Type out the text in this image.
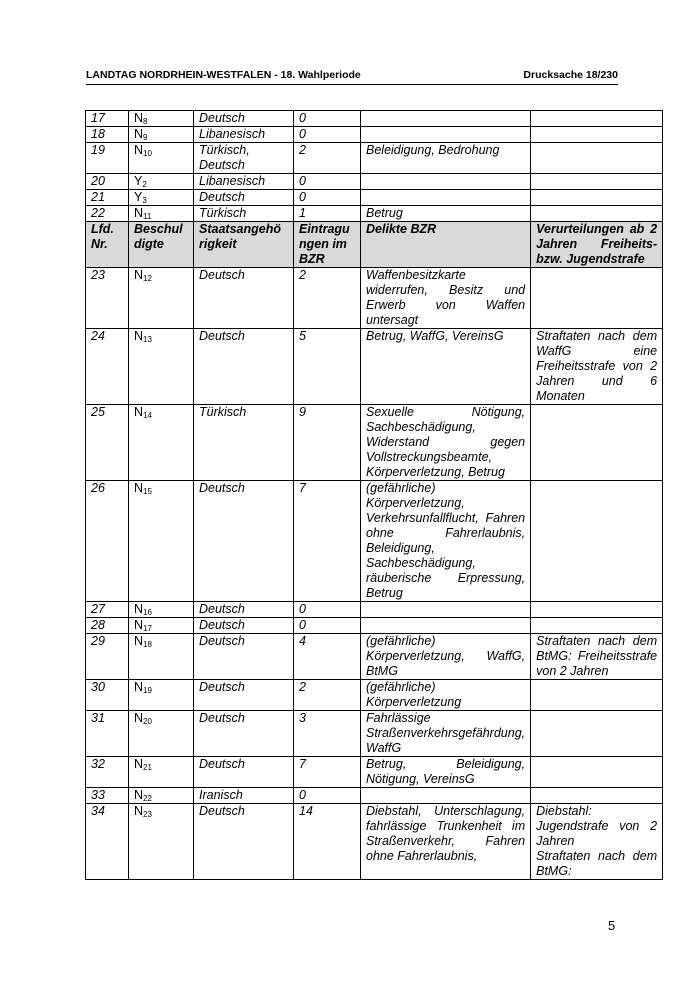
LANDTAG NORDRHEIN-WESTFALEN - 18. Wahlperiode	Drucksache 18/230
17	$N_8$	Deutsch	0		
18	$N_9$	Libanesisch	0		
19	$N_{10}$	Türkisch, Deutsch	2	Beleidigung, Bedrohung	
20	$Y_2$	Libanesisch	0		
21	$Y_3$	Deutsch	0		
22	$N_{11}$	Türkisch	1	Betrug	
Lfd. Nr.	Beschul digte	Staatsangehö rigkeit	Eintragu ngen im BZR	Delikte BZR	Verurteilungen ab 2 Jahren Freiheits- bzw. Jugendstrafe
23	$N_{12}$	Deutsch	2	Waffenbesitzkarte widerrufen, Besitz und Erwerb von Waffen untersagt	
24	$N_{13}$	Deutsch	5	Betrug, WaffG, VereinsG	Straftaten nach dem WaffG eine Freiheitsstrafe von 2 Jahren und 6 Monaten
25	$N_{14}$	Türkisch	9	Sexuelle Nötigung, Sachbeschädigung, Widerstand gegen Vollstreckungsbeamte, Körperverletzung, Betrug	
26	$N_{15}$	Deutsch	7	(gefährliche) Körperverletzung, Verkehrsunfallflucht, Fahren ohne Fahrerlaubnis, Beleidigung, Sachbeschädigung, räuberische Erpressung, Betrug	
27	$N_{16}$	Deutsch	0		
28	$N_{17}$	Deutsch	0		
29	$N_{18}$	Deutsch	4	(gefährliche) Körperverletzung, WaffG, BtMG	Straftaten nach dem BtMG: Freiheitsstrafe von 2 Jahren
30	$N_{19}$	Deutsch	2	(gefährliche) Körperverletzung	
31	$N_{20}$	Deutsch	3	Fahrlässige Straßenverkehrsgefährdung, WaffG	
32	$N_{21}$	Deutsch	7	Betrug, Beleidigung, Nötigung, VereinsG	
33	$N_{22}$	Iranisch	0		
34	$N_{23}$	Deutsch	14	Diebstahl, Unterschlagung, fahrlässige Trunkenheit im Straßenverkehr, Fahren ohne Fahrerlaubnis,	Diebstahl: Jugendstrafe von 2 Jahren
Straftaten nach dem BtMG:
5
